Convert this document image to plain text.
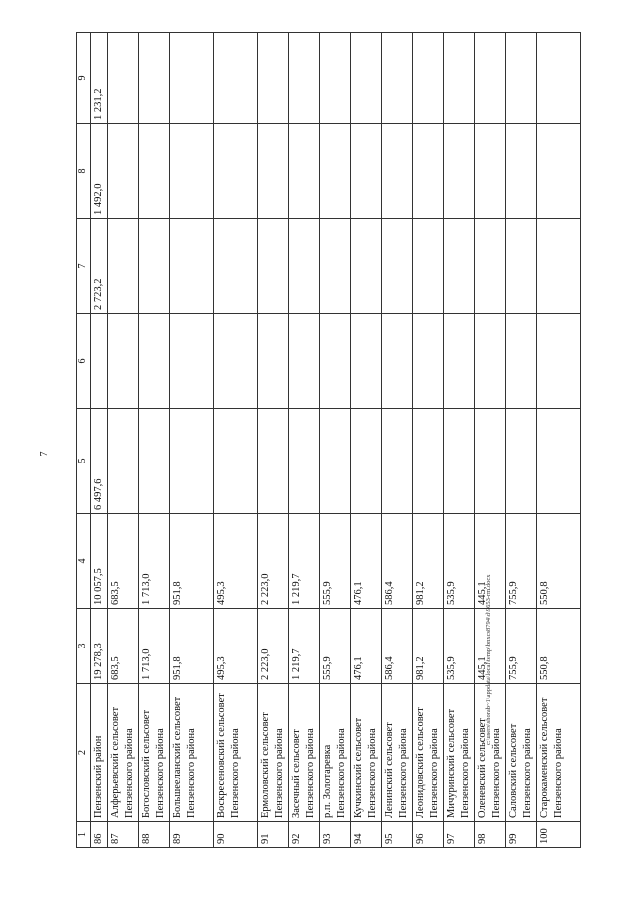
7
1	2	3	4	5	6	7	8	9
86	Пензенский район	19 278,3	10 057,5	6 497,6		2 723,2	1 492,0	1 231,2
87	Алферьевский сельсовет Пензенского района	683,5	683,5					
88	Богословский сельсовет Пензенского района	1 713,0	1 713,0					
89	Большееланский сельсовет Пензенского района	951,8	951,8					
90	Воскресеновский сельсовет Пензенского района	495,3	495,3					
91	Ермоловский сельсовет Пензенского района	2 223,0	2 223,0					
92	Засечный сельсовет Пензенского района	1 219,7	1 219,7					
93	р.п. Золотаревка Пензенского района	555,9	555,9					
94	Кучкинский сельсовет Пензенского района	476,1	476,1					
95	Ленинский сельсовет Пензенского района	586,4	586,4					
96	Леонидовский сельсовет Пензенского района	981,2	981,2					
97	Мичуринский сельсовет Пензенского района	535,9	535,9					
98	Оленевский сельсовет Пензенского района	445,1	445,1					
99	Саловский сельсовет Пензенского района	755,9	755,9					
100	Старокаменский сельсовет Пензенского района	550,8	550,8					
c:\users\shorab~1\appdata\local\temp\bnxcs8794\d\9653-rm.docx
